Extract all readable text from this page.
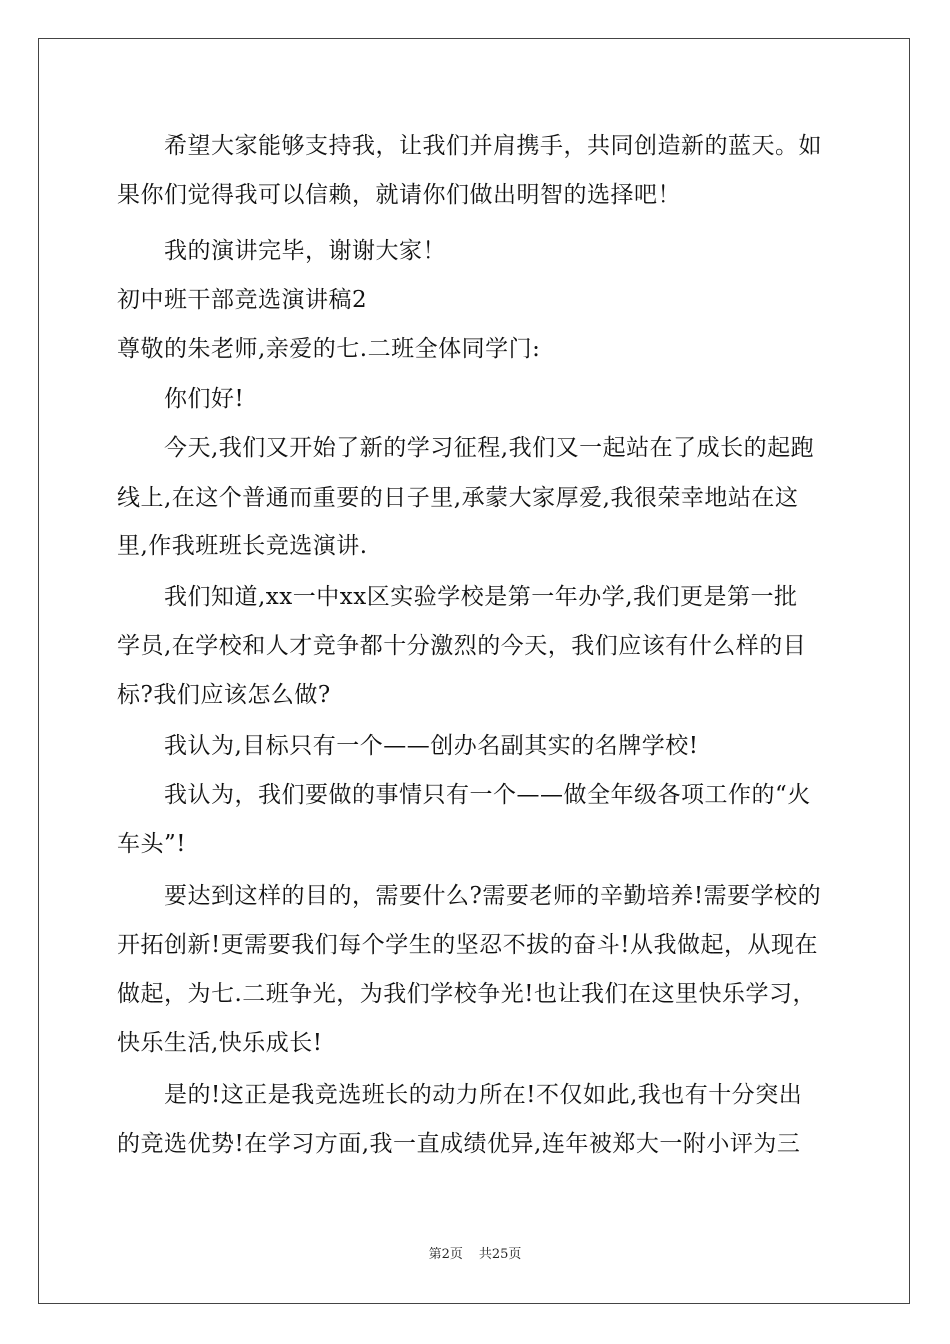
希望大家能够支持我，让我们并肩携手，共同创造新的蓝天。如
果你们觉得我可以信赖，就请你们做出明智的选择吧！
我的演讲完毕，谢谢大家！
初中班干部竞选演讲稿2
尊敬的朱老师,亲爱的七.二班全体同学门:
你们好!
今天,我们又开始了新的学习征程,我们又一起站在了成长的起跑
线上,在这个普通而重要的日子里,承蒙大家厚爱,我很荣幸地站在这
里,作我班班长竞选演讲.
我们知道,xx一中xx区实验学校是第一年办学,我们更是第一批
学员,在学校和人才竞争都十分激烈的今天，我们应该有什么样的目
标?我们应该怎么做?
我认为,目标只有一个——创办名副其实的名牌学校!
我认为，我们要做的事情只有一个——做全年级各项工作的“火
车头”!
要达到这样的目的，需要什么?需要老师的辛勤培养!需要学校的
开拓创新!更需要我们每个学生的坚忍不拔的奋斗!从我做起，从现在
做起，为七.二班争光，为我们学校争光!也让我们在这里快乐学习，
快乐生活,快乐成长!
是的!这正是我竞选班长的动力所在!不仅如此,我也有十分突出
的竞选优势!在学习方面,我一直成绩优异,连年被郑大一附小评为三
第2页 共25页
